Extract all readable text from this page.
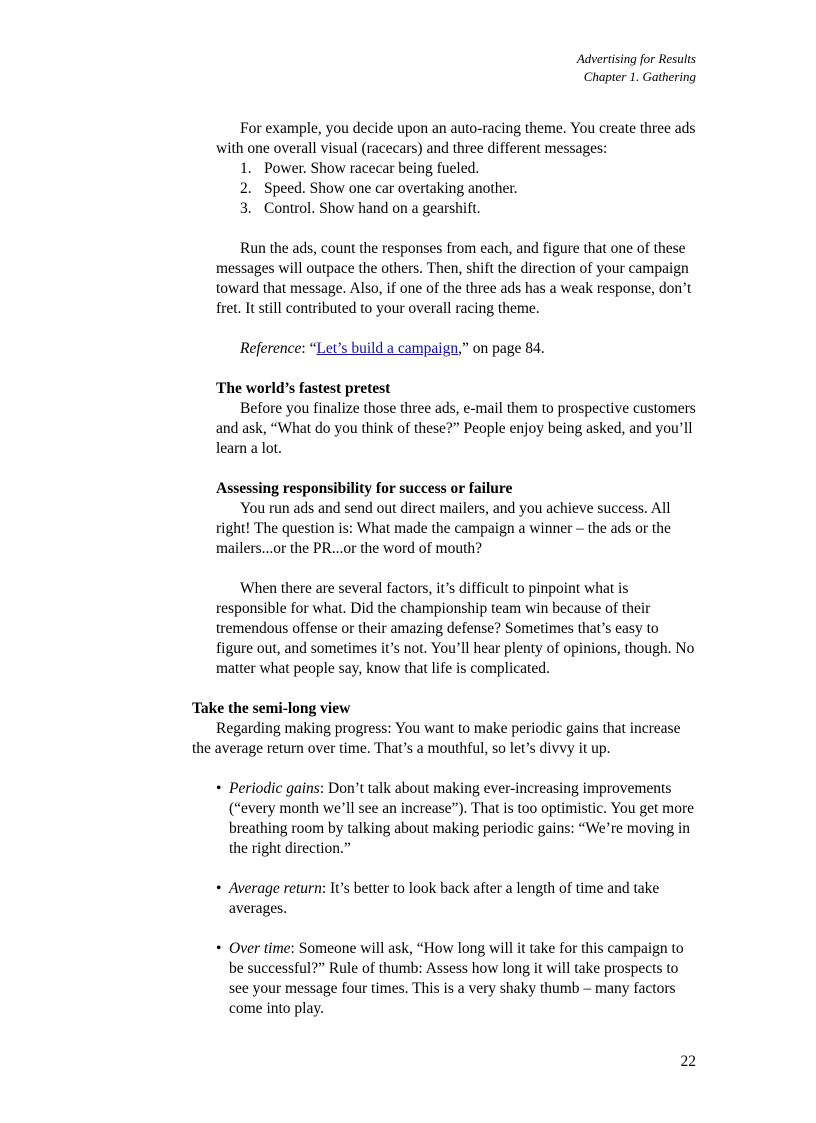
Advertising for Results
Chapter 1. Gathering
For example, you decide upon an auto-racing theme. You create three ads with one overall visual (racecars) and three different messages:
1. Power. Show racecar being fueled.
2. Speed. Show one car overtaking another.
3. Control. Show hand on a gearshift.
Run the ads, count the responses from each, and figure that one of these messages will outpace the others. Then, shift the direction of your campaign toward that message. Also, if one of the three ads has a weak response, don’t fret. It still contributed to your overall racing theme.
Reference: “Let’s build a campaign,” on page 84.
The world’s fastest pretest
Before you finalize those three ads, e-mail them to prospective customers and ask, “What do you think of these?” People enjoy being asked, and you’ll learn a lot.
Assessing responsibility for success or failure
You run ads and send out direct mailers, and you achieve success. All right! The question is: What made the campaign a winner – the ads or the mailers...or the PR...or the word of mouth?
When there are several factors, it’s difficult to pinpoint what is responsible for what. Did the championship team win because of their tremendous offense or their amazing defense? Sometimes that’s easy to figure out, and sometimes it’s not. You’ll hear plenty of opinions, though. No matter what people say, know that life is complicated.
Take the semi-long view
Regarding making progress: You want to make periodic gains that increase the average return over time. That’s a mouthful, so let’s divvy it up.
• Periodic gains: Don’t talk about making ever-increasing improvements (“every month we’ll see an increase”). That is too optimistic. You get more breathing room by talking about making periodic gains: “We’re moving in the right direction.”
• Average return: It’s better to look back after a length of time and take averages.
• Over time: Someone will ask, “How long will it take for this campaign to be successful?” Rule of thumb: Assess how long it will take prospects to see your message four times. This is a very shaky thumb – many factors come into play.
22
